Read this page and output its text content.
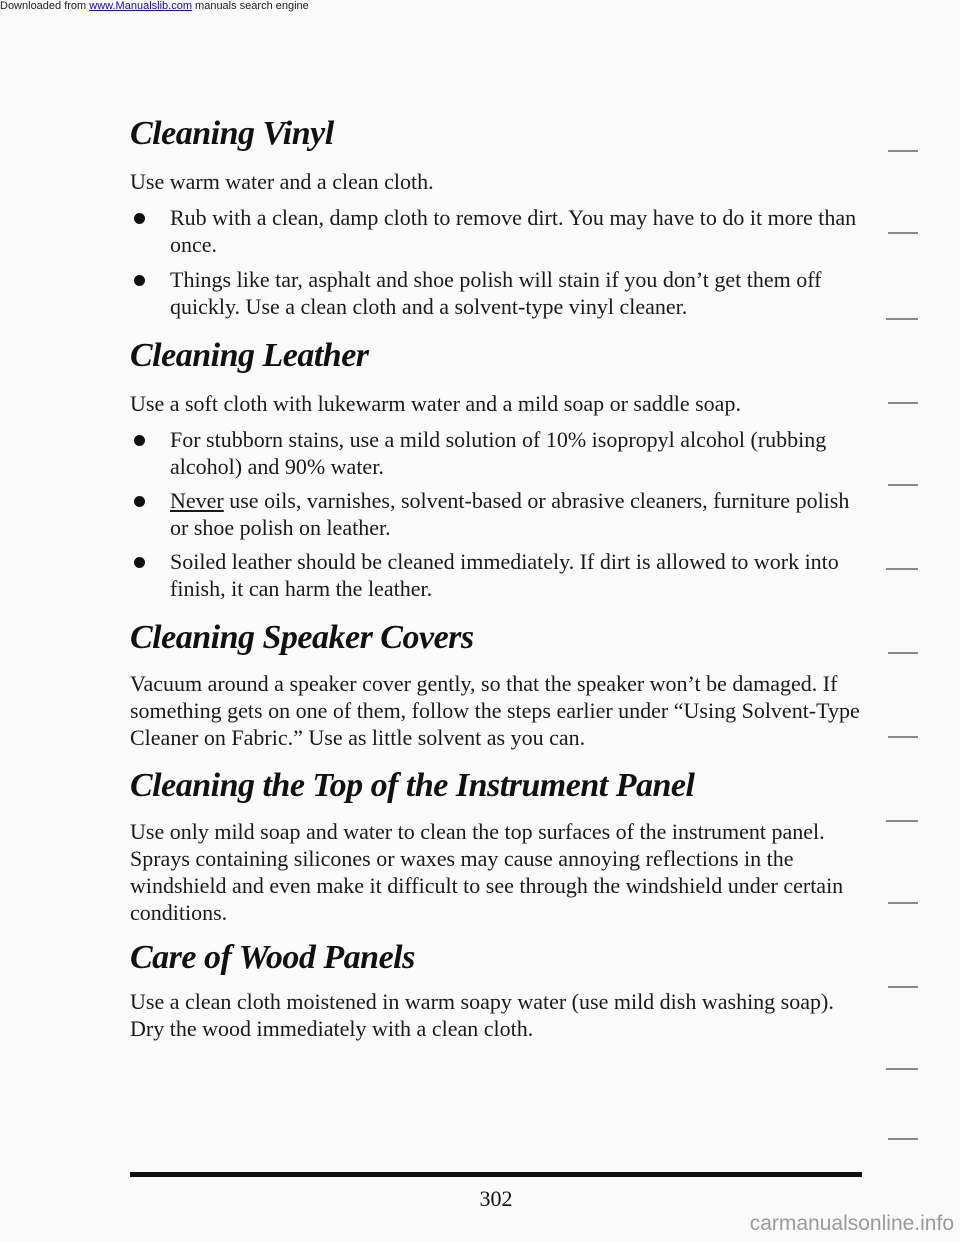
Downloaded from www.Manualslib.com manuals search engine
Cleaning Vinyl

Use warm water and a clean cloth.

Rub with a clean, damp cloth to remove dirt. You may have to do it more than once.

Things like tar, asphalt and shoe polish will stain if you don’t get them off quickly. Use a clean cloth and a solvent-type vinyl cleaner.

Cleaning Leather

Use a soft cloth with lukewarm water and a mild soap or saddle soap.

For stubborn stains, use a mild solution of 10% isopropyl alcohol (rubbing alcohol) and 90% water.

Never use oils, varnishes, solvent-based or abrasive cleaners, furniture polish or shoe polish on leather.

Soiled leather should be cleaned immediately. If dirt is allowed to work into finish, it can harm the leather.

Cleaning Speaker Covers

Vacuum around a speaker cover gently, so that the speaker won’t be damaged. If something gets on one of them, follow the steps earlier under “Using Solvent-Type Cleaner on Fabric.” Use as little solvent as you can.

Cleaning the Top of the Instrument Panel

Use only mild soap and water to clean the top surfaces of the instrument panel. Sprays containing silicones or waxes may cause annoying reflections in the windshield and even make it difficult to see through the windshield under certain conditions.

Care of Wood Panels

Use a clean cloth moistened in warm soapy water (use mild dish washing soap). Dry the wood immediately with a clean cloth.

302
carmanualsonline.info
